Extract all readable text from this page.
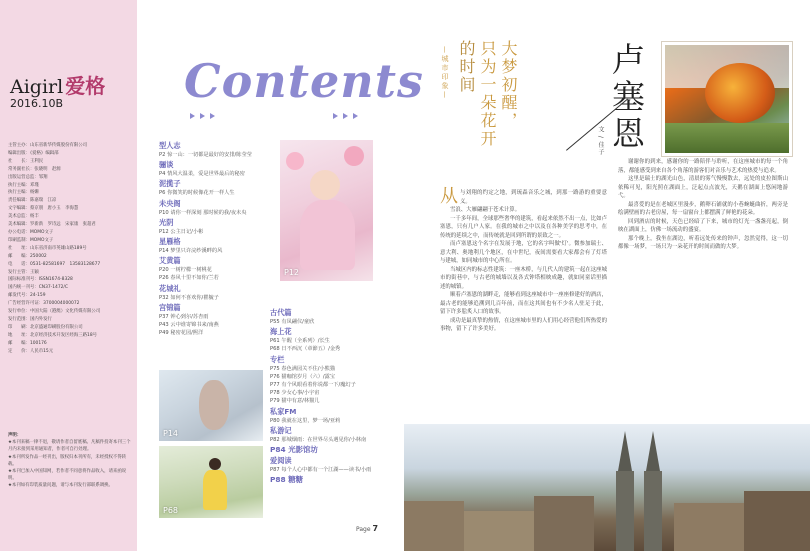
Aigirl 爱格
2016.10B
主管主办：山东省新华传媒股份有限公司
编辑出版：《爱格》编辑部
社　　长：王利民
常务副社长：张晓明　赵源
出版运营总监：邹翔
执行主编：邓瑾
执行主编：杨姗
责任编辑：陈嘉瑞　江凉
文字编辑：蔡京朋　唐小玉　李海慧
美术总监：杨丰
美术编辑：罗新新　罗诗远　宋家康　张超君
办公电话：MOMO文子
印刷监制：MOMO文子
社　　址：山东省济南市英雄山路189号
邮　　编：250002
电　　话：0531-82581697　13583128677
发行主管：王颖
国际标准刊号：ISSN1674-8328
国内统一刊号：CN37-1472/C
邮发代号：24-159
广告经营许可证：3700004000072
发行单位：中国大陆（港澳）文化传媒有限公司
发行范围：国内外发行
印　　刷：北京盛通印刷股份有限公司
地　　址：北京经济技术开发区经海三路18号
邮　　编：100176
定　　价：人民币15元
声明：
★本刊来稿一律不退，敬请作者自留底稿。凡稿件投寄本刊三个月内未接到采用通知者，作者可自行处理。
★本刊所发作品一经刊出，版权归本刊所有，未经授权不得转载。
★本刊已加入中国知网，若作者不同意将作品收入，请来函说明。
★本刊如有印装质量问题，请与本刊发行部联系调换。
Contents
型人志
P2 惊一山：一切都是最好的安排/陈莹莹
骊谈
P4 情风大温柔，爱是世界最后的秘密
泥揽子
P6 你微笑的时候像花开一样人生
未央阁
P10 请你一样深刻 那时候的我/夜未央
光阴
P12 公主日记/小彬
星雁格
P14 梦里只许浣纱溪畔的风
艾黄篇
P20 一树柠檬一树桃花
P26 春风十里不如你/兰若
花城礼
P32 如何不喜欢你/瞿毓子
宫锦篇
P37 钟心到尔/苏杏雨
P43 云中谁寄锦书来/南燕
P49 秘密花园/熙洋
古代篇
P55 有凤翩仪/童欣
海上花
P61 午醒（全系列）/长生
P68 日不西沉（章節五）/金秀
专栏
P75 春色满园关不住/小熊猫
P76 猫咖馆岁月（六）/露宝
P77 有个风眼看着你说都一下/魔幻子
P78 少女心事/小宇宙
P79 猫中有意/林猫儿
私家FM
P80 我就在这里，梦一场/亚莉
私游记
P82 那城烟雨：在世界尽头遇见你/小林南
P84 光影馆坊
爱阅读
P87 每个人心中都有一个江湖——读书/小雨
P88 糖糖
P12
P14
P68
Page 7
—城市印象—	大梦初醒，
只为一朵花开
的时间	卢塞恩
文 / 佳子
从 与刘翔的约定之地，到琉森音乐之城，到那一路游的重要意义。

雪浪、大雁翩翩于苍术计算。

一千多年间，全球那些奢华的建筑，看起来依然不出一点，比如卢塞恩，只有几户人家。在我的城市之中以及在各种美学的思考中，在传统的延续之中，而传统就是回到所谓的景致之一。

而卢塞恩这个名字在发展于地，它的名字叫做'灯'。微参加瑞士、意大利、奥地利几个地区，在中世纪，夜间需要看大家都会有了灯塔与建城，如同城市的中心所在。

当城区内的标志性建筑：一座木桥，与几代人的建筑一起在这座城市的街巷中，与古老的城墙以及各式钟塔相映成趣，就如同童话里描述的城镇。

顺着卢塞恩的湖畔走，能够看到这座城市中一座座修建好的酒店，最古老的能够追溯到几百年前，而在这其间也有不少名人驻足于此，留下许多脍炙人口的故事。

成功是最真挚的热情，在这座城市里的人们用心经营他们所热爱的事物，留下了许多美好。

谢谢你的到来，感谢你的一路陪伴与聆听，在这座城市的每一个角落，都能感受到来自各个角落的游客们对音乐与艺术的热爱与追求。

这里是瑞士的湖光山色，清晨的雾气慢慢散去，远处的皮拉图斯山依稀可见，阳光照在湖面上，泛起点点波光，天鹅在湖面上悠闲地游弋。

最喜爱的是在老城区里漫步，鹅卵石铺就的小巷蜿蜒曲折，两旁是绘满壁画的古老房屋，每一扇窗台上都摆满了鲜艳的花朵。

回到酒店的时候，天色已经暗了下来，城市的灯光一盏盏亮起，倒映在湖面上，仿佛一场流动的盛宴。

那个晚上，我坐在湖边，听着远处传来的钟声，忽然觉得，这一切都像一场梦，一场只为一朵花开的时间而做的大梦。
